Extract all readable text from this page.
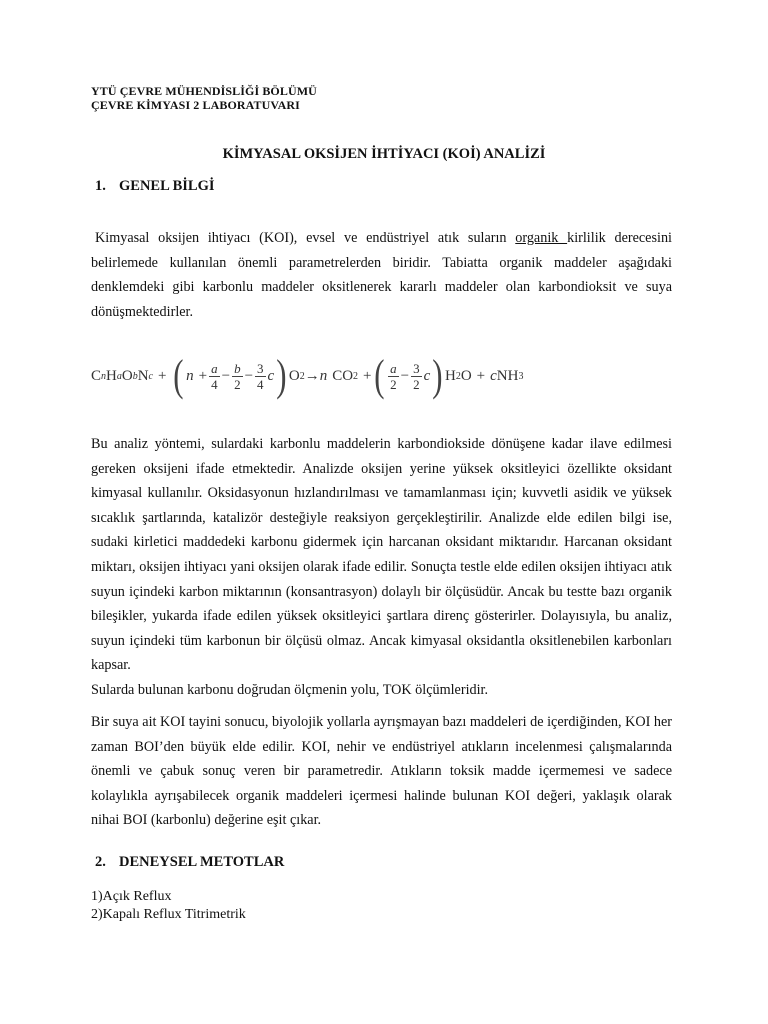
YTÜ ÇEVRE MÜHENDİSLİĞİ BÖLÜMÜ

ÇEVRE KİMYASI 2 LABORATUVARI

KİMYASAL OKSİJEN İHTİYACI (KOİ) ANALİZİ
1. GENEL BİLGİ

Kimyasal oksijen ihtiyacı (KOI), evsel ve endüstriyel atık suların organik kirlilik derecesini belirlemede kullanılan önemli parametrelerden biridir. Tabiatta organik maddeler aşağıdaki denklemdeki gibi karbonlu maddeler oksitlenerek kararlı maddeler olan karbondioksit ve suya dönüşmektedirler.

C n H a O b N c + ( $n + \frac{a}{4} - \frac{b}{2} - \frac{3}{4}$ c ) O 2 → n CO 2 + ( $\frac{a}{2} - \frac{3}{2}$ c ) H 2 O + c NH 3

Bu analiz yöntemi, sulardaki karbonlu maddelerin karbondiokside dönüşene kadar ilave edilmesi gereken oksijeni ifade etmektedir. Analizde oksijen yerine yüksek oksitleyici özellikte oksidant kimyasal kullanılır. Oksidasyonun hızlandırılması ve tamamlanması için; kuvvetli asidik ve yüksek sıcaklık şartlarında, katalizör desteğiyle reaksiyon gerçekleştirilir. Analizde elde edilen bilgi ise, sudaki kirletici maddedeki karbonu gidermek için harcanan oksidant miktarıdır. Harcanan oksidant miktarı, oksijen ihtiyacı yani oksijen olarak ifade edilir. Sonuçta testle elde edilen oksijen ihtiyacı atık suyun içindeki karbon miktarının (konsantrasyon) dolaylı bir ölçüsüdür. Ancak bu testte bazı organik bileşikler, yukarda ifade edilen yüksek oksitleyici şartlara direnç gösterirler. Dolayısıyla, bu analiz, suyun içindeki tüm karbonun bir ölçüsü olmaz. Ancak kimyasal oksidantla oksitlenebilen karbonları kapsar.
Sularda bulunan karbonu doğrudan ölçmenin yolu, TOK ölçümleridir.

Bir suya ait KOI tayini sonucu, biyolojik yollarla ayrışmayan bazı maddeleri de içerdiğinden, KOI her zaman BOI’den büyük elde edilir. KOI, nehir ve endüstriyel atıkların incelenmesi çalışmalarında önemli ve çabuk sonuç veren bir parametredir. Atıkların toksik madde içermemesi ve sadece kolaylıkla ayrışabilecek organik maddeleri içermesi halinde bulunan KOI değeri, yaklaşık olarak nihai BOI (karbonlu) değerine eşit çıkar.

2. DENEYSEL METOTLAR
1)Açık Reflux
2)Kapalı Reflux Titrimetrik
